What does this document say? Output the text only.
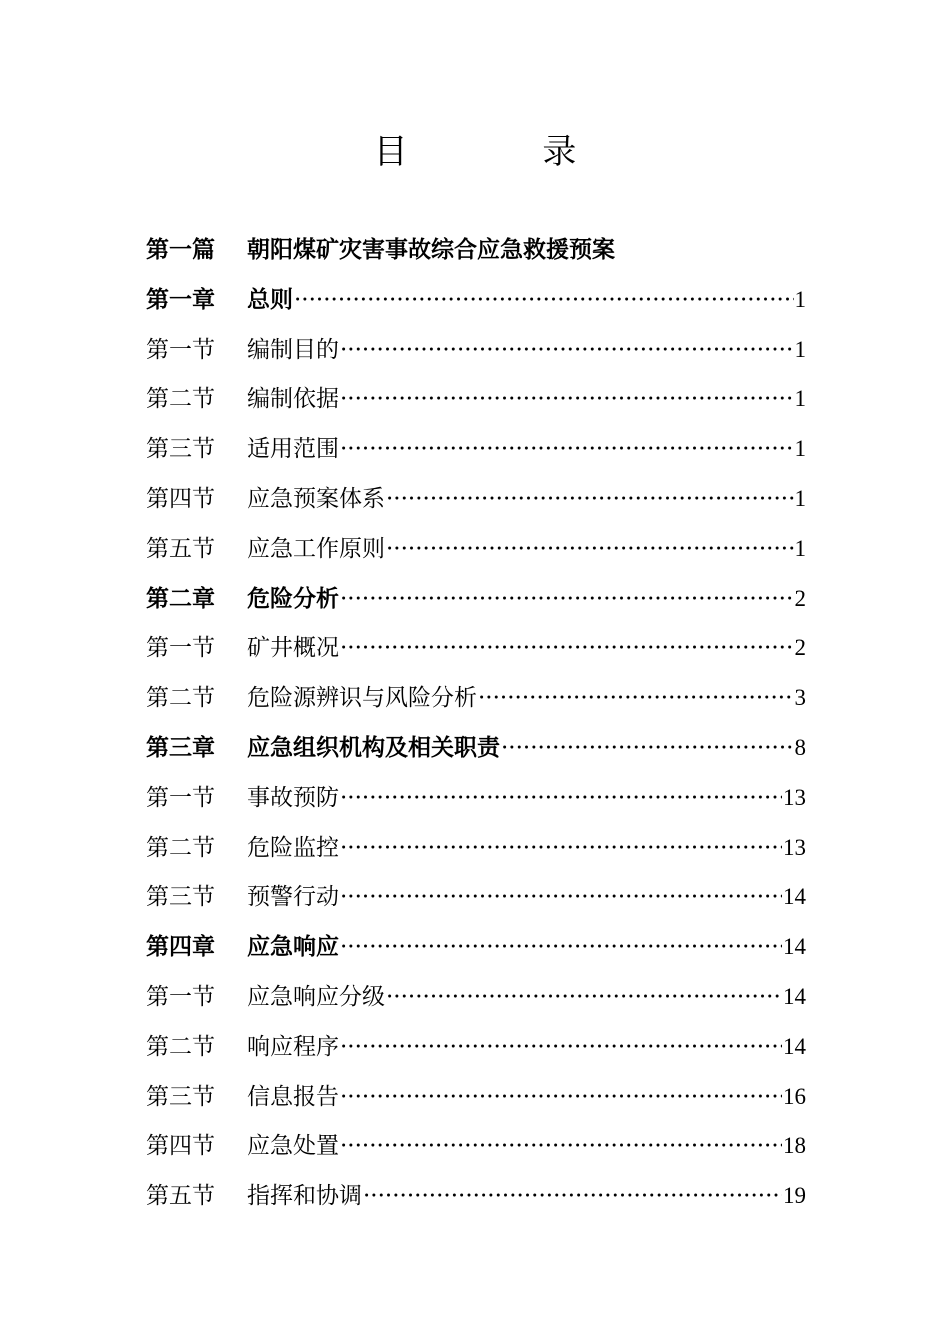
目 录
第一篇	朝阳煤矿灾害事故综合应急救援预案
第一章	总则 ·····	1
第一节	编制目的 ·····	1
第二节	编制依据 ·····	1
第三节	适用范围 ·····	1
第四节	应急预案体系 ·····	1
第五节	应急工作原则 ·····	1
第二章	危险分析 ·····	2
第一节	矿井概况 ·····	2
第二节	危险源辨识与风险分析 ·····	3
第三章	应急组织机构及相关职责 ·····	8
第一节	事故预防 ·····	13
第二节	危险监控 ·····	13
第三节	预警行动 ·····	14
第四章	应急响应 ·····	14
第一节	应急响应分级 ·····	14
第二节	响应程序 ·····	14
第三节	信息报告 ·····	16
第四节	应急处置 ·····	18
第五节	指挥和协调 ·····	19
